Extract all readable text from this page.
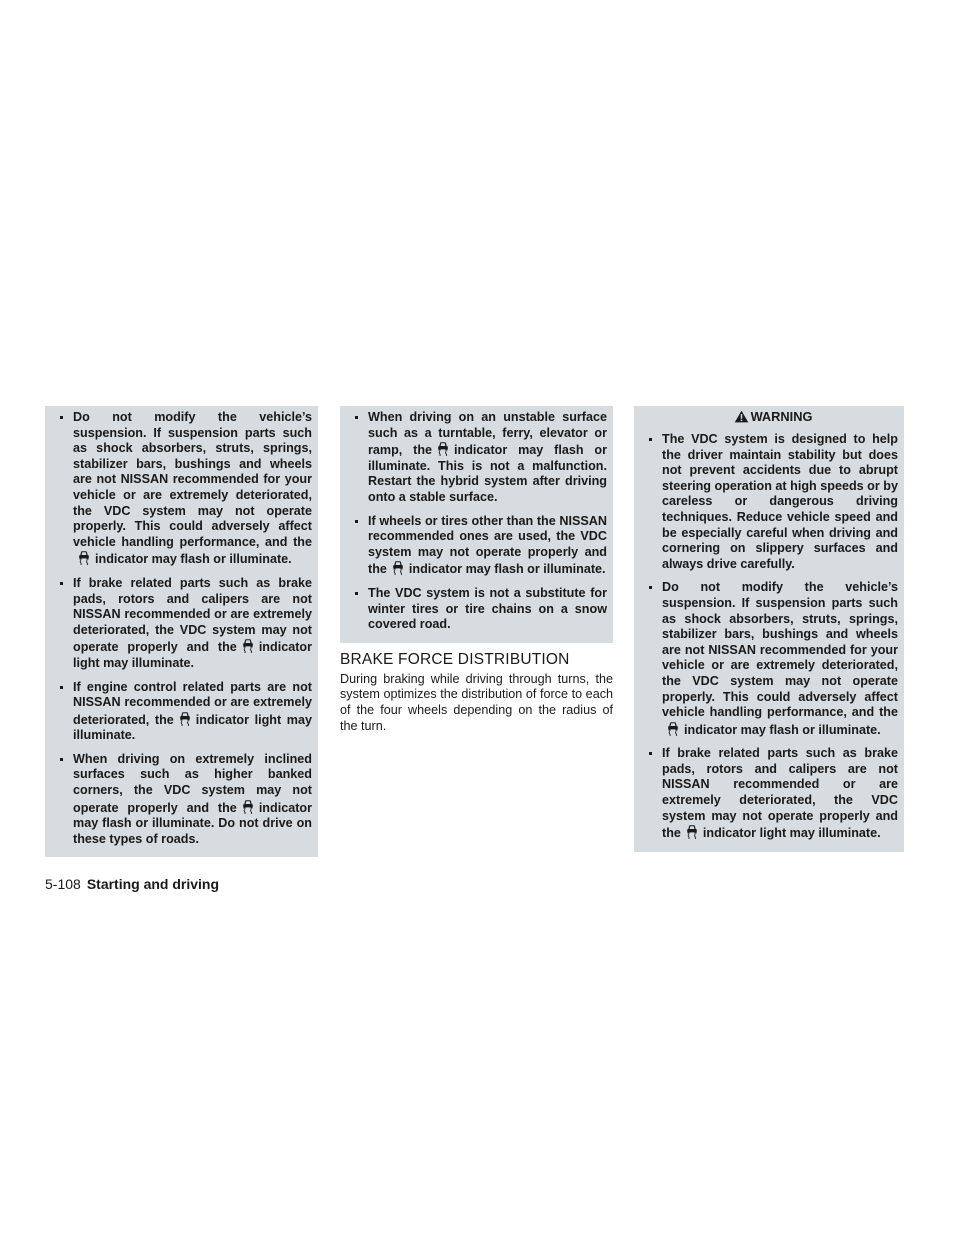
Do not modify the vehicle’s suspension. If suspension parts such as shock absorbers, struts, springs, stabilizer bars, bushings and wheels are not NISSAN recommended for your vehicle or are extremely deteriorated, the VDC system may not operate properly. This could adversely affect vehicle handling performance, and theindicator may flash or illuminate.
If brake related parts such as brake pads, rotors and calipers are not NISSAN recommended or are extremely deteriorated, the VDC system may not operate properly and the indicator light may illuminate.
If engine control related parts are not NISSAN recommended or are extremely deteriorated, the indicator light may illuminate.
When driving on extremely inclined surfaces such as higher banked corners, the VDC system may not operate properly and the indicator may flash or illuminate. Do not drive on these types of roads.
When driving on an unstable surface such as a turntable, ferry, elevator or ramp, the indicator may flash or illuminate. This is not a malfunction. Restart the hybrid system after driving onto a stable surface.
If wheels or tires other than the NISSAN recommended ones are used, the VDC system may not operate properly and the indicator may flash or illuminate.
The VDC system is not a substitute for winter tires or tire chains on a snow covered road.
BRAKE FORCE DISTRIBUTION
During braking while driving through turns, the system optimizes the distribution of force to each of the four wheels depending on the radius of the turn.
WARNING
The VDC system is designed to help the driver maintain stability but does not prevent accidents due to abrupt steering operation at high speeds or by careless or dangerous driving techniques. Reduce vehicle speed and be especially careful when driving and cornering on slippery surfaces and always drive carefully.
Do not modify the vehicle’s suspension. If suspension parts such as shock absorbers, struts, springs, stabilizer bars, bushings and wheels are not NISSAN recommended for your vehicle or are extremely deteriorated, the VDC system may not operate properly. This could adversely affect vehicle handling performance, and theindicator may flash or illuminate.
If brake related parts such as brake pads, rotors and calipers are not NISSAN recommended or are extremely deteriorated, the VDC system may not operate properly and the indicator light may illuminate.
5-108 Starting and driving
